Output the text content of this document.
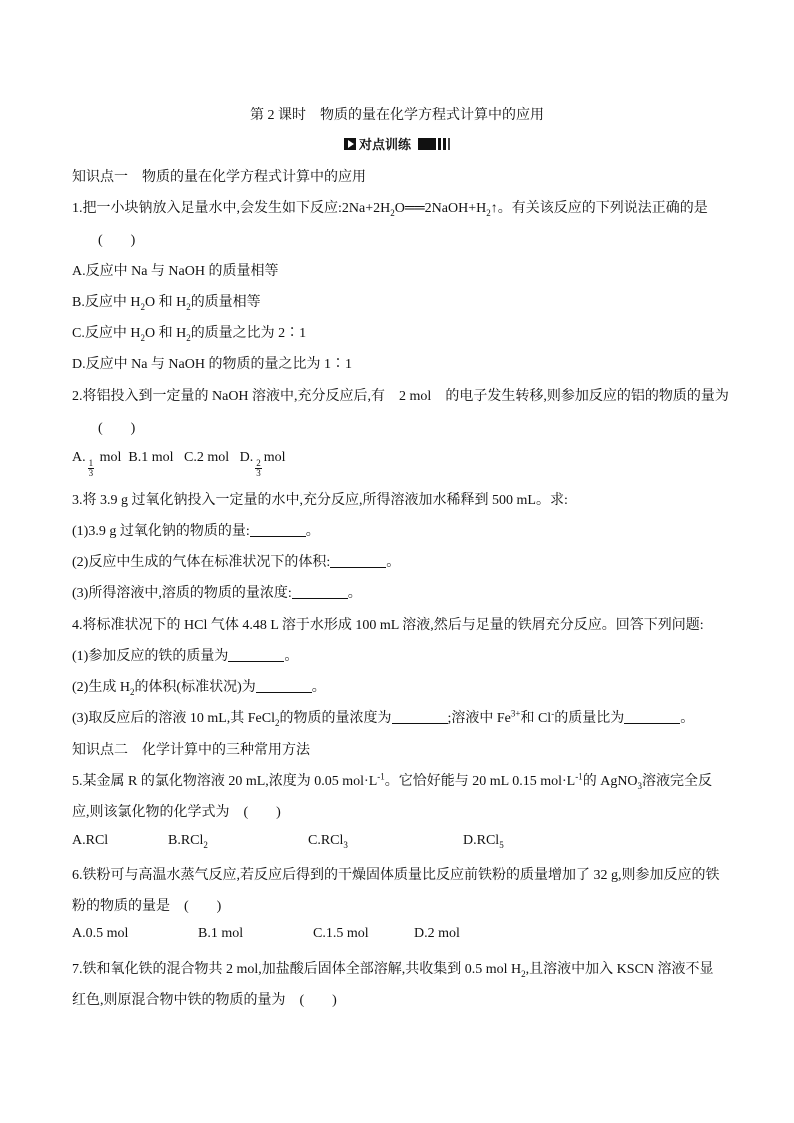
第 2 课时　物质的量在化学方程式计算中的应用
对点训练
知识点一　物质的量在化学方程式计算中的应用
1.把一小块钠放入足量水中,会发生如下反应$:2Na+2H_2O══2NaOH+H_2↑$。有关该反应的下列说法正确的是
(　　)
A.反应中 Na 与 NaOH 的质量相等
B.反应中 $H_2O$ 和 $H_2$的质量相等
C.反应中 $H_2O$ 和 $H_2$的质量之比为 2∶1
D.反应中 Na 与 NaOH 的物质的量之比为 1∶1
2.将铝投入到一定量的 NaOH 溶液中,充分反应后,有　2 mol　的电子发生转移,则参加反应的铝的物质的量为
(　　)
A.
$\frac{1}{3}$
mol B.1 mol C.2 mol D.
$\frac{2}{3}$
mol
3.将 3.9 g 过氧化钠投入一定量的水中,充分反应,所得溶液加水稀释到 500 mL。求:
(1)3.9 g 过氧化钠的物质的量:	。
(2)反应中生成的气体在标准状况下的体积:	。
(3)所得溶液中,溶质的物质的量浓度:	。
4.将标准状况下的 HCl 气体 4.48 L 溶于水形成 100 mL 溶液,然后与足量的铁屑充分反应。回答下列问题:
(1)参加反应的铁的质量为	。
(2)生成 $H_2$的体积(标准状况)为	。
(3)取反应后的溶液 10 mL,其 FeCl$_2$的物质的量浓度为	;溶液中 $Fe^{3+}$和 Cl-的质量比为	。
知识点二　化学计算中的三种常用方法
5.某金属 R 的氯化物溶液 20 mL,浓度为 0.05 $mol\cdot L^{-1}$。它恰好能与 20 mL 0.15 $mol\cdot L^{-1}$的 AgNO$_3$溶液完全反
应,则该氯化物的化学式为　(　　)
A.RCl	B.RCl$_2$	C.RCl$_3$	D.RCl$_5$
6.铁粉可与高温水蒸气反应,若反应后得到的干燥固体质量比反应前铁粉的质量增加了 32 g,则参加反应的铁
粉的物质的量是　(　　)
A.0.5 mol	B.1 mol	C.1.5 mol	D.2 mol
7.铁和氧化铁的混合物共 2 mol,加盐酸后固体全部溶解,共收集到 0.5 mol $H_2$,且溶液中加入 KSCN 溶液不显
红色,则原混合物中铁的物质的量为　(　　)
